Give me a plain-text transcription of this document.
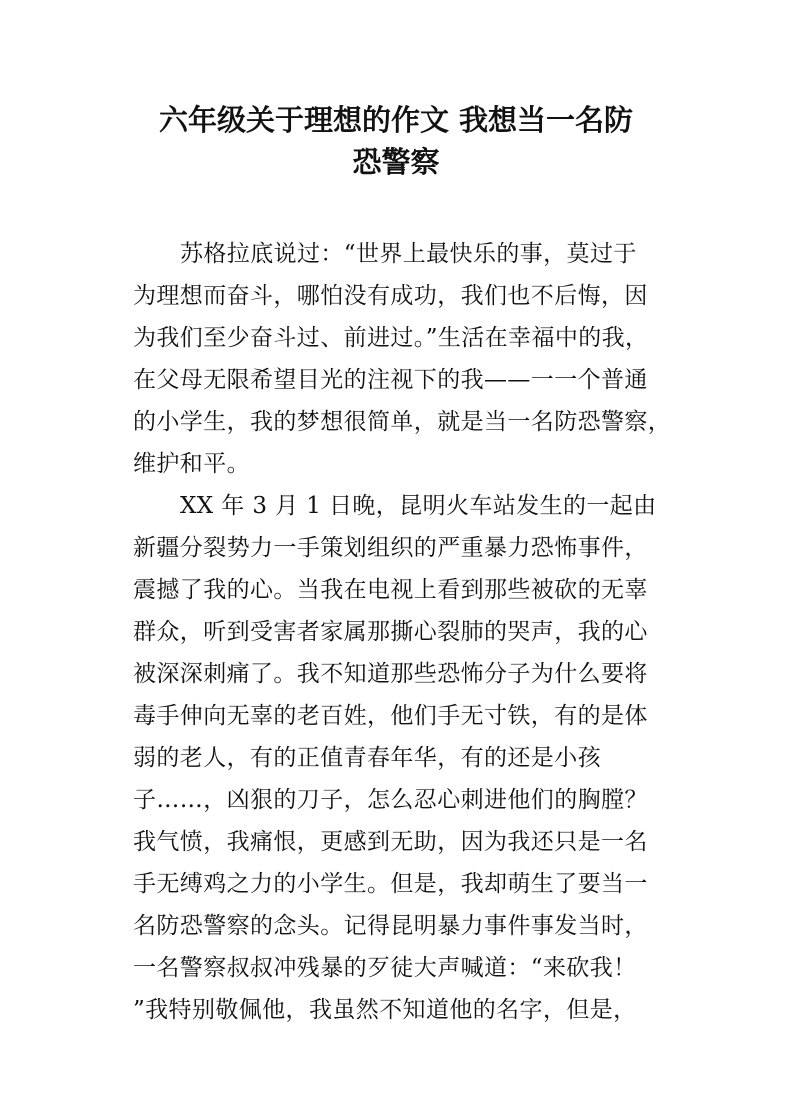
六年级关于理想的作文 我想当一名防
恐警察
苏格拉底说过：“世界上最快乐的事，莫过于
为理想而奋斗，哪怕没有成功，我们也不后悔，因
为我们至少奋斗过、前进过。”生活在幸福中的我，
在父母无限希望目光的注视下的我——一一个普通
的小学生，我的梦想很简单，就是当一名防恐警察，
维护和平。
XX 年 3 月 1 日晚，昆明火车站发生的一起由
新疆分裂势力一手策划组织的严重暴力恐怖事件，
震撼了我的心。当我在电视上看到那些被砍的无辜
群众，听到受害者家属那撕心裂肺的哭声，我的心
被深深刺痛了。我不知道那些恐怖分子为什么要将
毒手伸向无辜的老百姓，他们手无寸铁，有的是体
弱的老人，有的正值青春年华，有的还是小孩
子……，凶狠的刀子，怎么忍心刺进他们的胸膛？
我气愤，我痛恨，更感到无助，因为我还只是一名
手无缚鸡之力的小学生。但是，我却萌生了要当一
名防恐警察的念头。记得昆明暴力事件事发当时，
一名警察叔叔冲残暴的歹徒大声喊道：“来砍我！
”我特别敬佩他，我虽然不知道他的名字，但是，
